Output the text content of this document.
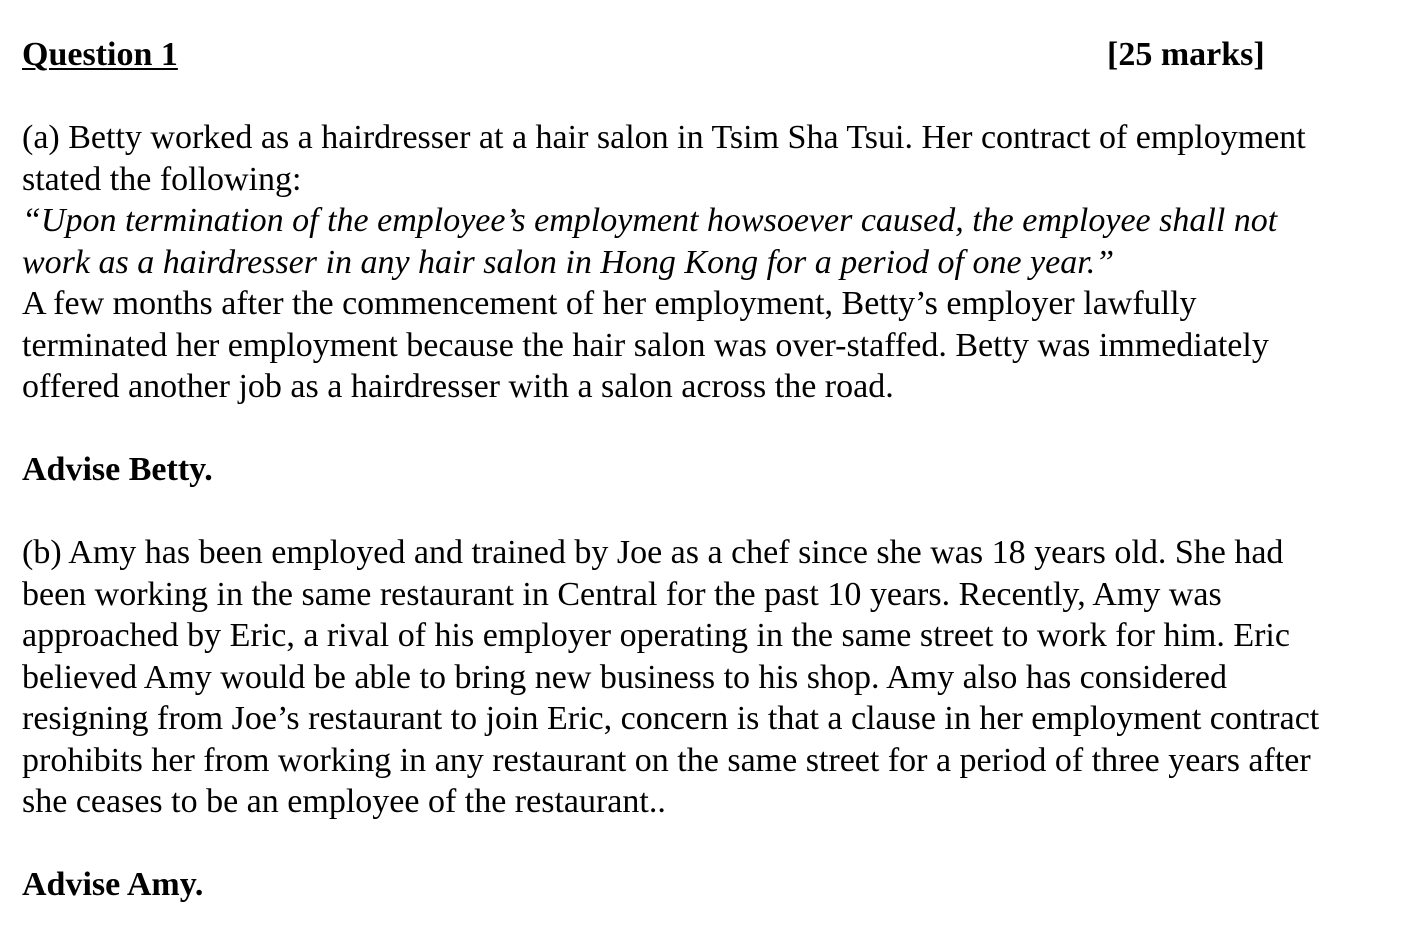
Question 1	[25 marks]
(a) Betty worked as a hairdresser at a hair salon in Tsim Sha Tsui. Her contract of employment
stated the following:
“Upon termination of the employee’s employment howsoever caused, the employee shall not
work as a hairdresser in any hair salon in Hong Kong for a period of one year.”
A few months after the commencement of her employment, Betty’s employer lawfully
terminated her employment because the hair salon was over-staffed. Betty was immediately
offered another job as a hairdresser with a salon across the road.
Advise Betty.
(b) Amy has been employed and trained by Joe as a chef since she was 18 years old. She had
been working in the same restaurant in Central for the past 10 years. Recently, Amy was
approached by Eric, a rival of his employer operating in the same street to work for him. Eric
believed Amy would be able to bring new business to his shop. Amy also has considered
resigning from Joe’s restaurant to join Eric, concern is that a clause in her employment contract
prohibits her from working in any restaurant on the same street for a period of three years after
she ceases to be an employee of the restaurant..
Advise Amy.
